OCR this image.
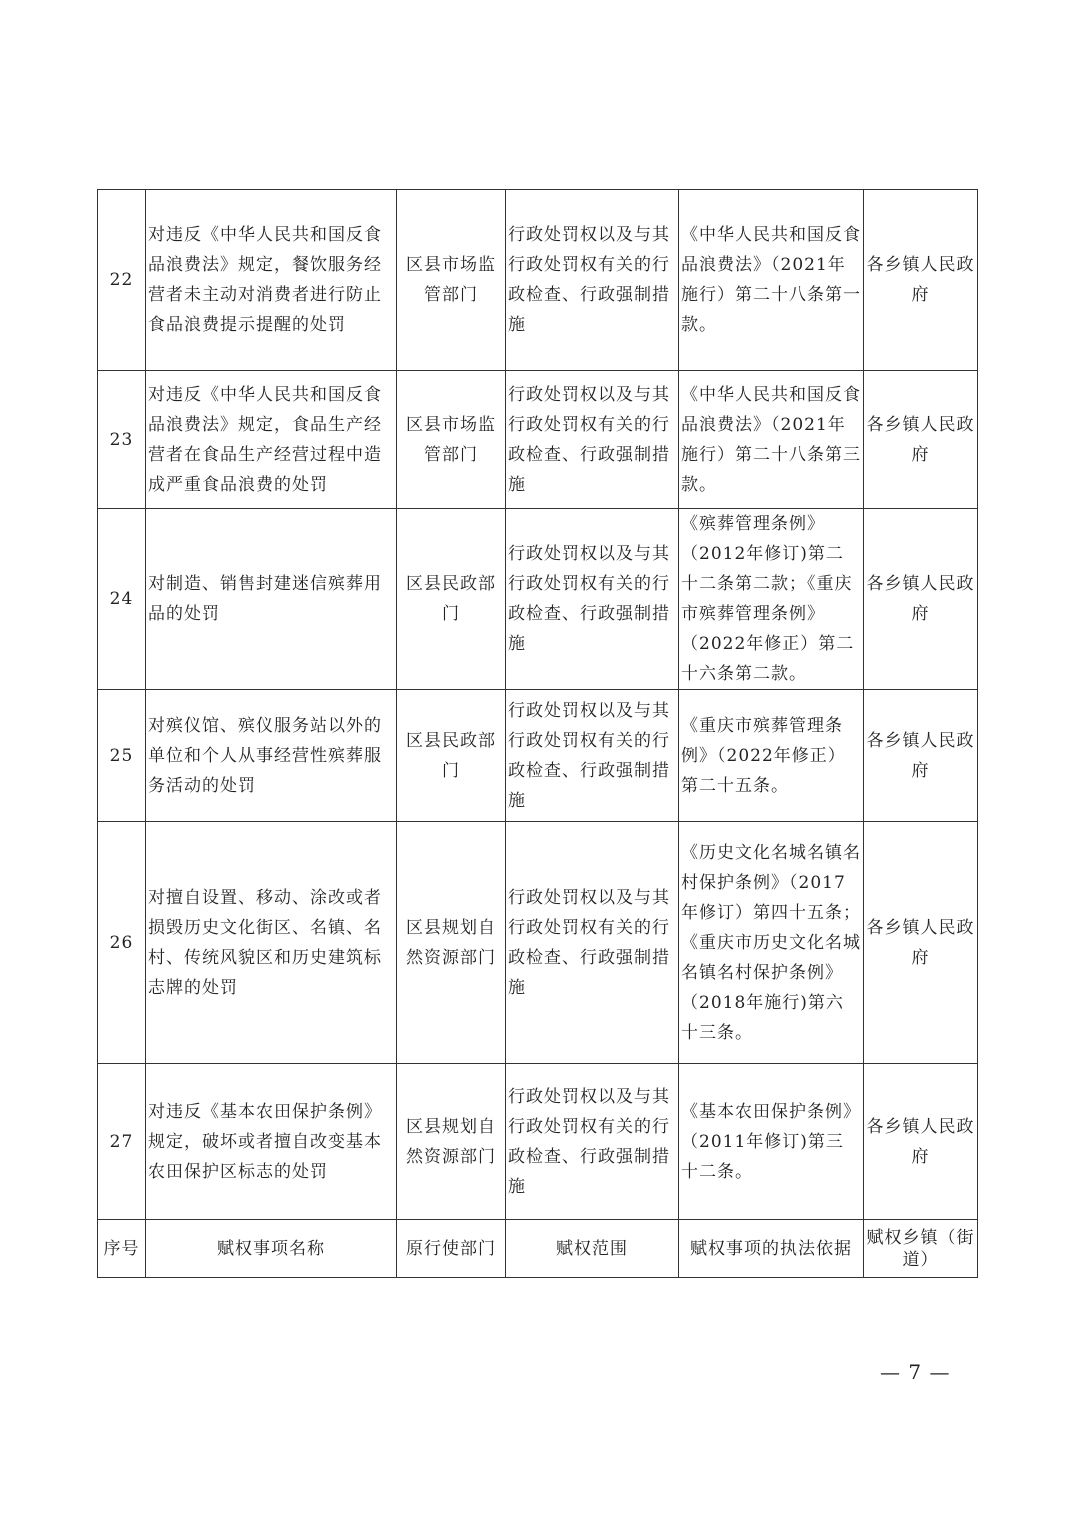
22	对违反《中华人民共和国反食品浪费法》规定，餐饮服务经营者未主动对消费者进行防止食品浪费提示提醒的处罚	区县市场监管部门	行政处罚权以及与其行政处罚权有关的行政检查、行政强制措施	《中华人民共和国反食品浪费法》（2021年施行）第二十八条第一款。	各乡镇人民政府
23	对违反《中华人民共和国反食品浪费法》规定，食品生产经营者在食品生产经营过程中造成严重食品浪费的处罚	区县市场监管部门	行政处罚权以及与其行政处罚权有关的行政检查、行政强制措施	《中华人民共和国反食品浪费法》（2021年施行）第二十八条第三款。	各乡镇人民政府
24	对制造、销售封建迷信殡葬用品的处罚	区县民政部门	行政处罚权以及与其行政处罚权有关的行政检查、行政强制措施	《殡葬管理条例》（2012年修订)第二十二条第二款；《重庆市殡葬管理条例》（2022年修正）第二十六条第二款。	各乡镇人民政府
25	对殡仪馆、殡仪服务站以外的单位和个人从事经营性殡葬服务活动的处罚	区县民政部门	行政处罚权以及与其行政处罚权有关的行政检查、行政强制措施	《重庆市殡葬管理条例》（2022年修正）第二十五条。	各乡镇人民政府
26	对擅自设置、移动、涂改或者损毁历史文化街区、名镇、名村、传统风貌区和历史建筑标志牌的处罚	区县规划自然资源部门	行政处罚权以及与其行政处罚权有关的行政检查、行政强制措施	《历史文化名城名镇名村保护条例》（2017年修订）第四十五条；《重庆市历史文化名城名镇名村保护条例》（2018年施行)第六十三条。	各乡镇人民政府
27	对违反《基本农田保护条例》规定，破坏或者擅自改变基本农田保护区标志的处罚	区县规划自然资源部门	行政处罚权以及与其行政处罚权有关的行政检查、行政强制措施	《基本农田保护条例》（2011年修订)第三十二条。	各乡镇人民政府
序号	赋权事项名称	原行使部门	赋权范围	赋权事项的执法依据	赋权乡镇（街道）
— 7 —
